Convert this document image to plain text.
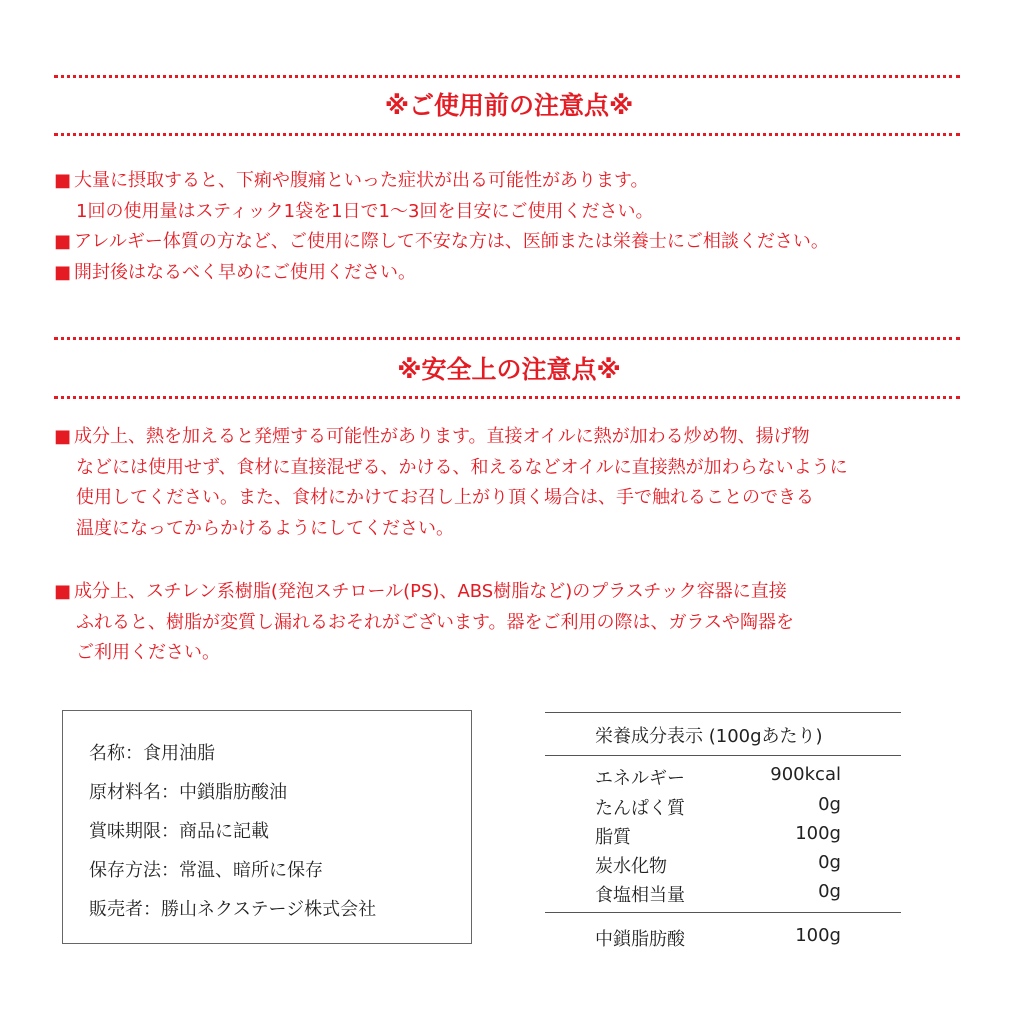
※ご使用前の注意点※
■ 大量に摂取すると、下痢や腹痛といった症状が出る可能性があります。
1回の使用量はスティック1袋を1日で1〜3回を目安にご使用ください。
■ アレルギー体質の方など、ご使用に際して不安な方は、医師または栄養士にご相談ください。
■ 開封後はなるべく早めにご使用ください。
※安全上の注意点※
■ 成分上、熱を加えると発煙する可能性があります。直接オイルに熱が加わる炒め物、揚げ物
などには使用せず、食材に直接混ぜる、かける、和えるなどオイルに直接熱が加わらないように
使用してください。また、食材にかけてお召し上がり頂く場合は、手で触れることのできる
温度になってからかけるようにしてください。
■ 成分上、スチレン系樹脂(発泡スチロール(PS)、ABS樹脂など)のプラスチック容器に直接
ふれると、樹脂が変質し漏れるおそれがございます。器をご利用の際は、ガラスや陶器を
ご利用ください。
名称：食用油脂
原材料名：中鎖脂肪酸油
賞味期限：商品に記載
保存方法：常温、暗所に保存
販売者：勝山ネクステージ株式会社
栄養成分表示 (100gあたり)
エネルギー	900kcal
たんぱく質	0g
脂質	100g
炭水化物	0g
食塩相当量	0g
中鎖脂肪酸	100g
